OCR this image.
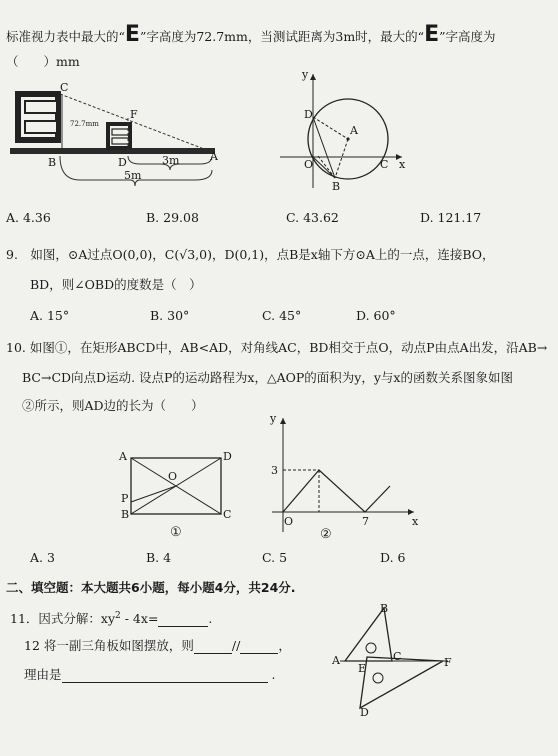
标准视力表中最大的“E”字高度为72.7mm，当测试距离为3m时，最大的“E”字高度为
（　　）mm
C
F
B	D	A
72.7mm
3m
5m
y
x
D
A
O	C
B
A. 4.36	B. 29.08	C. 43.62	D. 121.17
9.　如图，⊙A过点O(0,0)，C(√3,0)，D(0,1)，点B是x轴下方⊙A上的一点，连接BO，
BD，则∠OBD的度数是（　）
A. 15°	B. 30°	C. 45°	D. 60°
10. 如图①，在矩形ABCD中，AB<AD，对角线AC，BD相交于点O，动点P由点A出发，沿AB→
BC→CD向点D运动. 设点P的运动路程为x，△AOP的面积为y，y与x的函数关系图象如图
②所示，则AD边的长为（　　）
A	D
O
P
B	C
①
y
3
O	7	x
②
A. 3	B. 4	C. 5	D. 6
二、填空题：本大题共6小题，每小题4分，共24分.
11．因式分解：$xy^2 - 4x=$	.
12 将一副三角板如图摆放，则	//	，
理由是	.
B
A	C
E	F
D
